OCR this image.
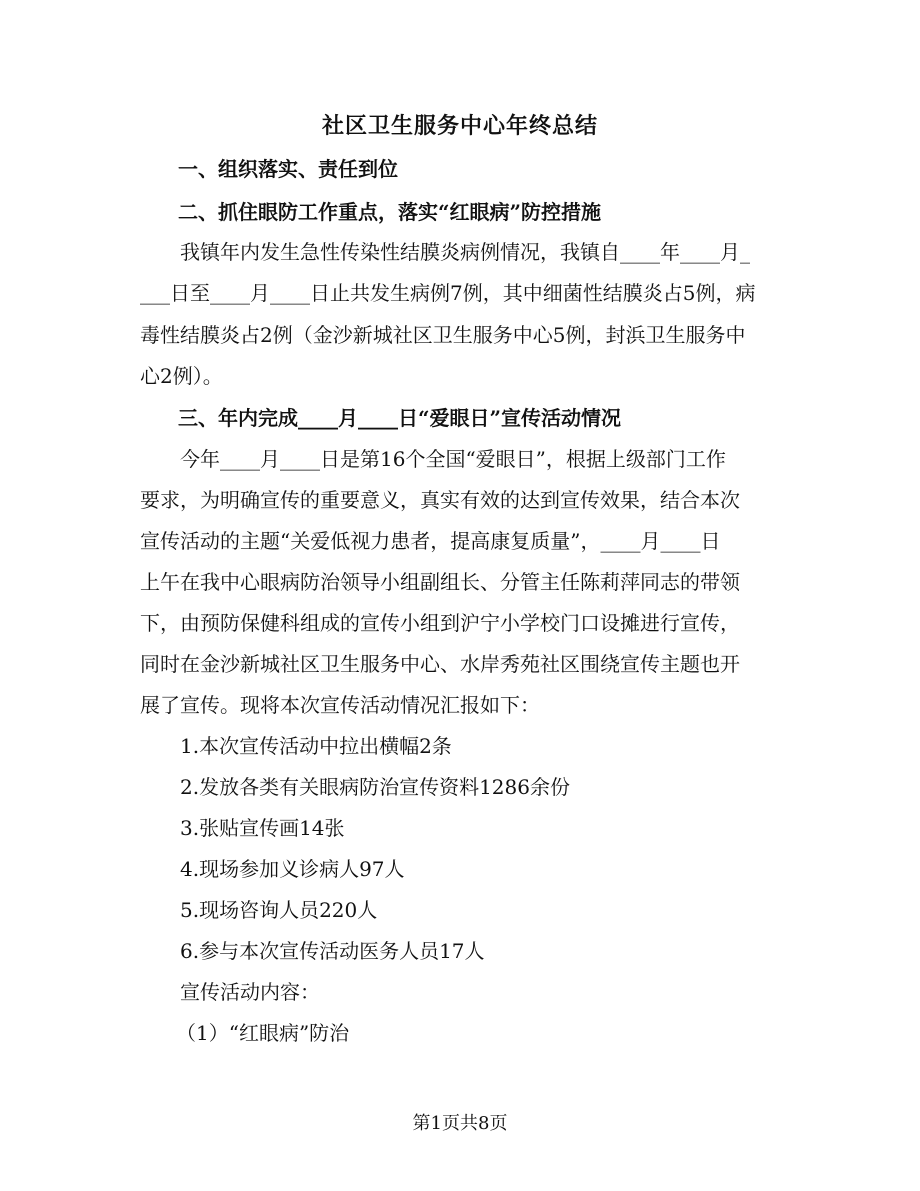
社区卫生服务中心年终总结
一、组织落实、责任到位
二、抓住眼防工作重点，落实“红眼病”防控措施
我镇年内发生急性传染性结膜炎病例情况，我镇自____年____月_
___日至____月____日止共发生病例7例，其中细菌性结膜炎占5例，病
毒性结膜炎占2例（金沙新城社区卫生服务中心5例，封浜卫生服务中
心2例）。
三、年内完成____月____日“爱眼日”宣传活动情况
今年____月____日是第16个全国“爱眼日”，根据上级部门工作
要求，为明确宣传的重要意义，真实有效的达到宣传效果，结合本次
宣传活动的主题“关爱低视力患者，提高康复质量”，____月____日
上午在我中心眼病防治领导小组副组长、分管主任陈莉萍同志的带领
下，由预防保健科组成的宣传小组到沪宁小学校门口设摊进行宣传，
同时在金沙新城社区卫生服务中心、水岸秀苑社区围绕宣传主题也开
展了宣传。现将本次宣传活动情况汇报如下：
1.本次宣传活动中拉出横幅2条
2.发放各类有关眼病防治宣传资料1286余份
3.张贴宣传画14张
4.现场参加义诊病人97人
5.现场咨询人员220人
6.参与本次宣传活动医务人员17人
宣传活动内容：
（1）“红眼病”防治
第1页共8页
